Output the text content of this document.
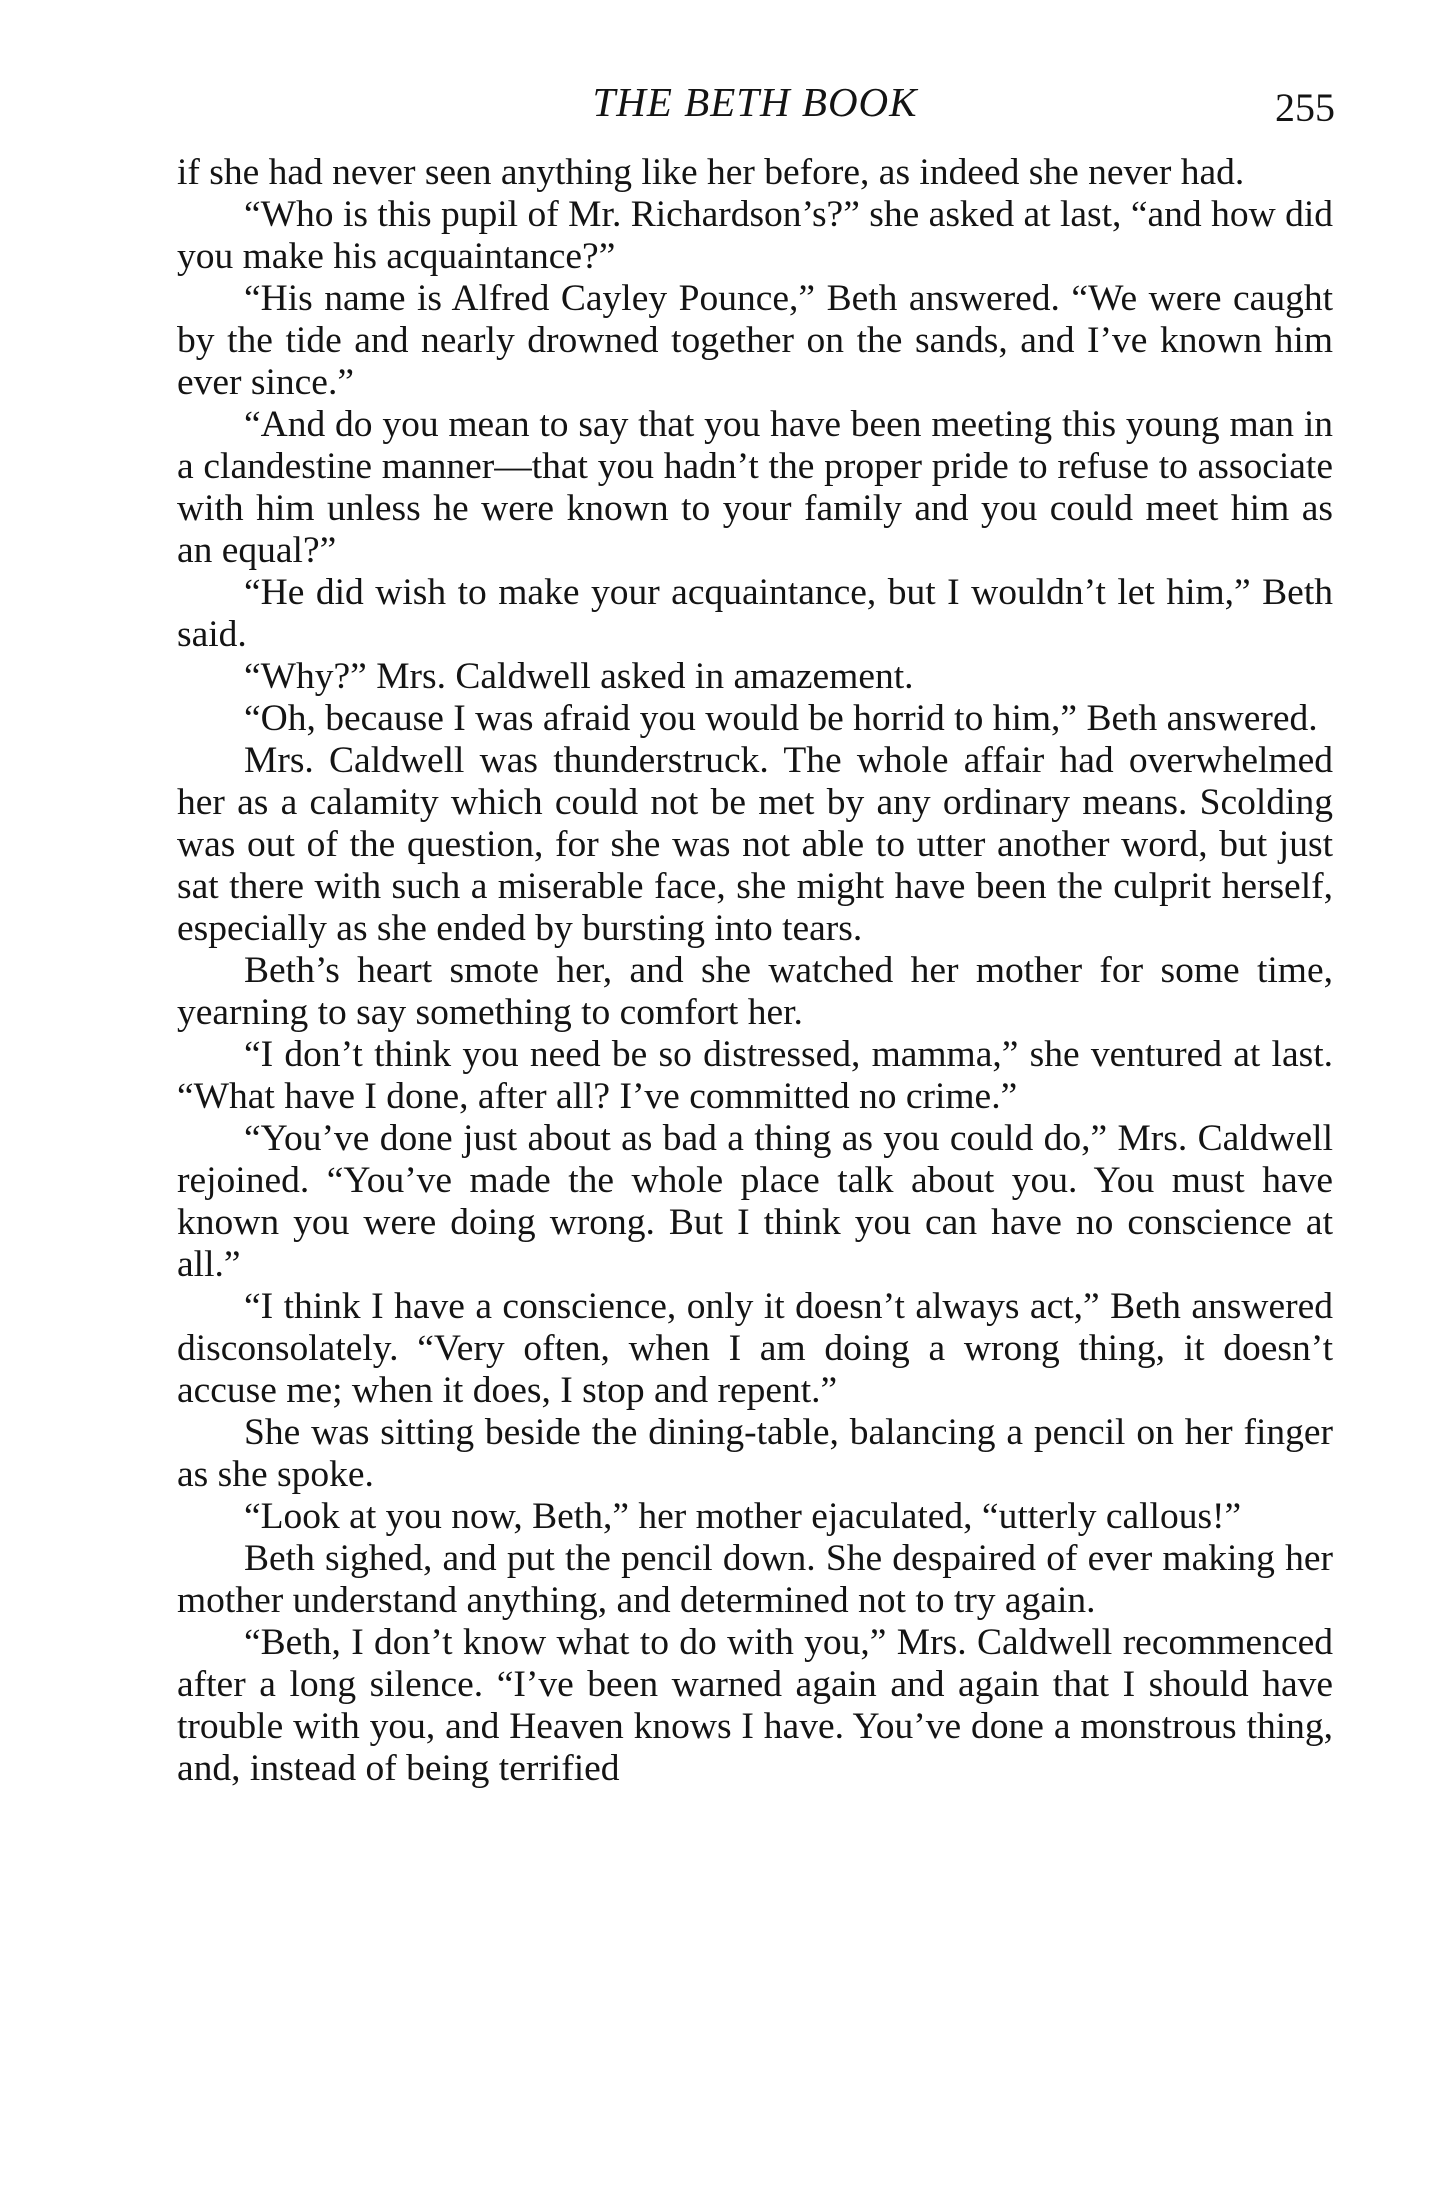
THE BETH BOOK	255

if she had never seen anything like her before, as indeed she never had.

“Who is this pupil of Mr. Richardson’s?” she asked at last, “and how did you make his acquaintance?”

“His name is Alfred Cayley Pounce,” Beth answered. “We were caught by the tide and nearly drowned together on the sands, and I’ve known him ever since.”

“And do you mean to say that you have been meeting this young man in a clandestine manner—that you hadn’t the proper pride to refuse to associate with him unless he were known to your family and you could meet him as an equal?”

“He did wish to make your acquaintance, but I wouldn’t let him,” Beth said.

“Why?” Mrs. Caldwell asked in amazement.

“Oh, because I was afraid you would be horrid to him,” Beth answered.

Mrs. Caldwell was thunderstruck. The whole affair had overwhelmed her as a calamity which could not be met by any ordinary means. Scolding was out of the question, for she was not able to utter another word, but just sat there with such a miserable face, she might have been the culprit herself, especially as she ended by bursting into tears.

Beth’s heart smote her, and she watched her mother for some time, yearning to say something to comfort her.

“I don’t think you need be so distressed, mamma,” she ventured at last. “What have I done, after all? I’ve committed no crime.”

“You’ve done just about as bad a thing as you could do,” Mrs. Caldwell rejoined. “You’ve made the whole place talk about you. You must have known you were doing wrong. But I think you can have no conscience at all.”

“I think I have a conscience, only it doesn’t always act,” Beth answered disconsolately. “Very often, when I am doing a wrong thing, it doesn’t accuse me; when it does, I stop and repent.”

She was sitting beside the dining-table, balancing a pencil on her finger as she spoke.

“Look at you now, Beth,” her mother ejaculated, “utterly callous!”

Beth sighed, and put the pencil down. She despaired of ever making her mother understand anything, and determined not to try again.

“Beth, I don’t know what to do with you,” Mrs. Caldwell recommenced after a long silence. “I’ve been warned again and again that I should have trouble with you, and Heaven knows I have. You’ve done a monstrous thing, and, instead of being terrified
